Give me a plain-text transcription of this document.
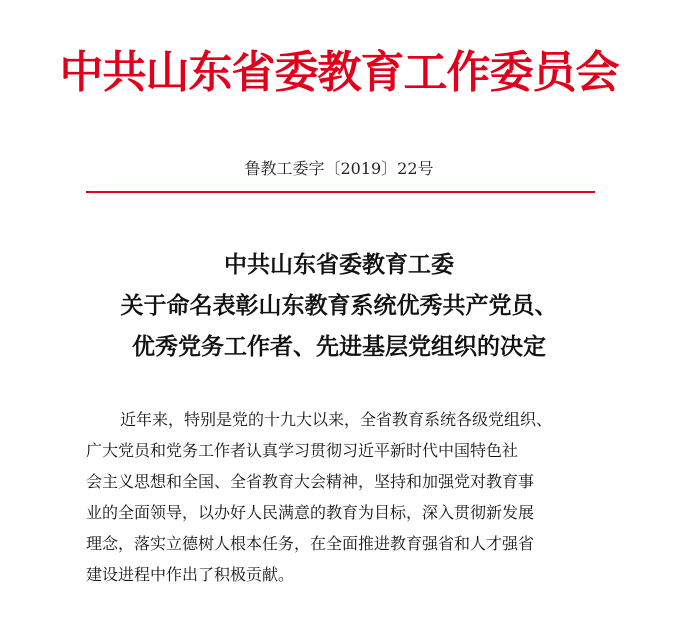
中共山东省委教育工作委员会
鲁教工委字〔2019〕22号
中共山东省委教育工委
关于命名表彰山东教育系统优秀共产党员、
优秀党务工作者、先进基层党组织的决定
近年来，特别是党的十九大以来，全省教育系统各级党组织、
广大党员和党务工作者认真学习贯彻习近平新时代中国特色社
会主义思想和全国、全省教育大会精神，坚持和加强党对教育事
业的全面领导，以办好人民满意的教育为目标，深入贯彻新发展
理念，落实立德树人根本任务，在全面推进教育强省和人才强省
建设进程中作出了积极贡献。
